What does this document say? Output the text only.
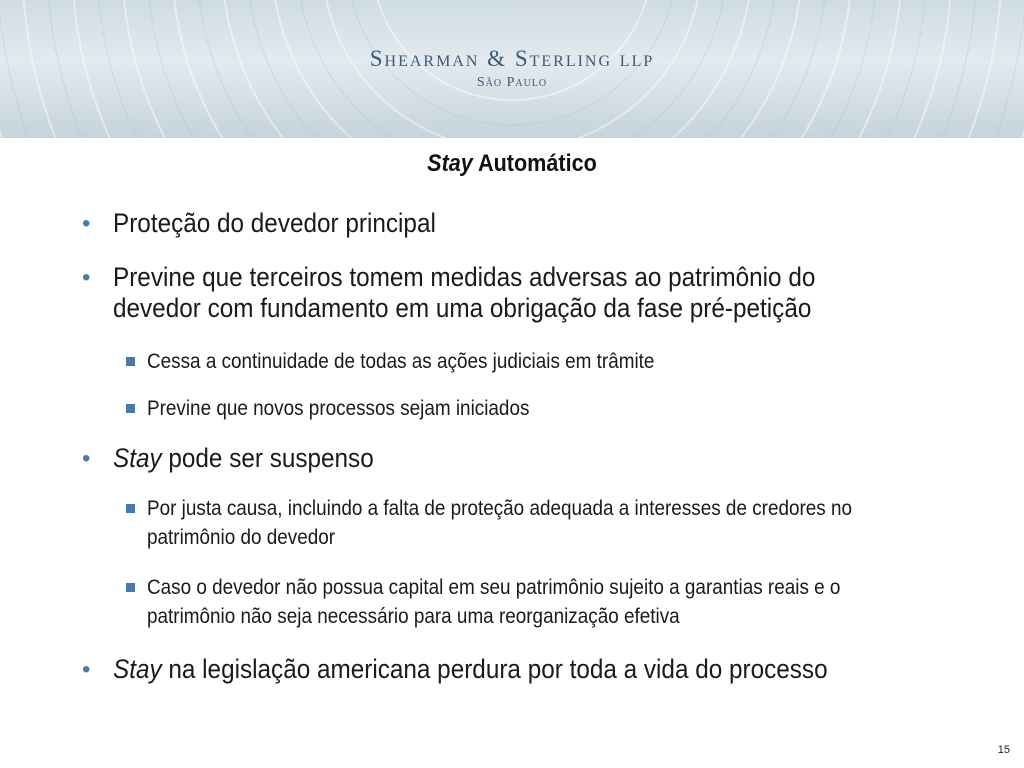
Shearman & Sterling llp
São Paulo
Stay Automático
• Proteção do devedor principal
• Previne que terceiros tomem medidas adversas ao patrimônio do devedor com fundamento em uma obrigação da fase pré-petição
Cessa a continuidade de todas as ações judiciais em trâmite
Previne que novos processos sejam iniciados
• Stay pode ser suspenso
Por justa causa, incluindo a falta de proteção adequada a interesses de credores no patrimônio do devedor
Caso o devedor não possua capital em seu patrimônio sujeito a garantias reais e o patrimônio não seja necessário para uma reorganização efetiva
• Stay na legislação americana perdura por toda a vida do processo
15
